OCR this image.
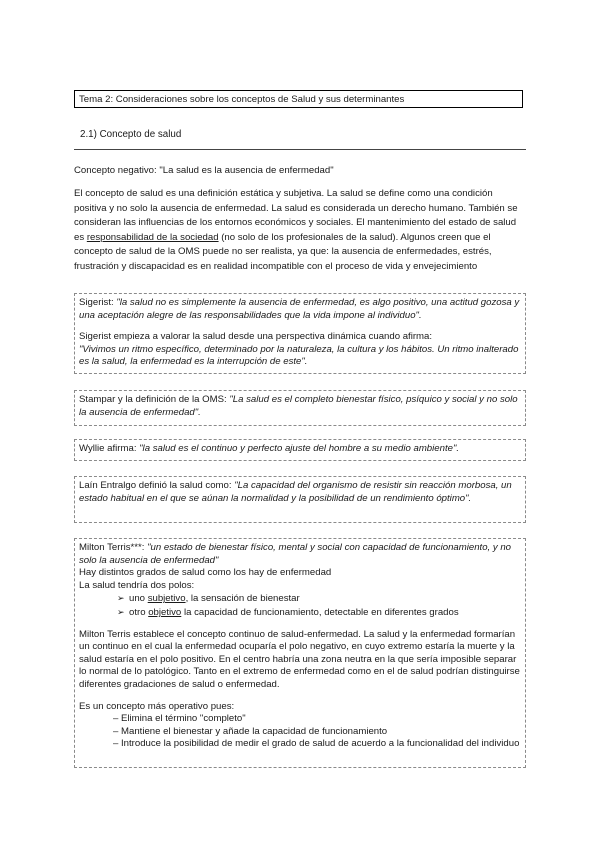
Tema 2: Consideraciones sobre los conceptos de Salud y sus determinantes
2.1) Concepto de salud
Concepto negativo: "La salud es la ausencia de enfermedad"

El concepto de salud es una definición estática y subjetiva. La salud se define como una condición positiva y no solo la ausencia de enfermedad. La salud es considerada un derecho humano. También se consideran las influencias de los entornos económicos y sociales. El mantenimiento del estado de salud es responsabilidad de la sociedad (no solo de los profesionales de la salud). Algunos creen que el concepto de salud de la OMS puede no ser realista, ya que: la ausencia de enfermedades, estrés, frustración y discapacidad es en realidad incompatible con el proceso de vida y envejecimiento

Sigerist: "la salud no es simplemente la ausencia de enfermedad, es algo positivo, una actitud gozosa y una aceptación alegre de las responsabilidades que la vida impone al individuo".

Sigerist empieza a valorar la salud desde una perspectiva dinámica cuando afirma:

"Vivimos un ritmo específico, determinado por la naturaleza, la cultura y los hábitos. Un ritmo inalterado es la salud, la enfermedad es la interrupción de este".

Stampar y la definición de la OMS: "La salud es el completo bienestar físico, psíquico y social y no solo la ausencia de enfermedad".

Wyllie afirma: "la salud es el continuo y perfecto ajuste del hombre a su medio ambiente".

Laín Entralgo definió la salud como: "La capacidad del organismo de resistir sin reacción morbosa, un estado habitual en el que se aúnan la normalidad y la posibilidad de un rendimiento óptimo".

Milton Terris***: "un estado de bienestar físico, mental y social con capacidad de funcionamiento, y no solo la ausencia de enfermedad"

Hay distintos grados de salud como los hay de enfermedad

La salud tendría dos polos:

➢ uno subjetivo, la sensación de bienestar
➢ otro objetivo la capacidad de funcionamiento, detectable en diferentes grados

Milton Terris establece el concepto continuo de salud-enfermedad. La salud y la enfermedad formarían un continuo en el cual la enfermedad ocuparía el polo negativo, en cuyo extremo estaría la muerte y la salud estaría en el polo positivo. En el centro habría una zona neutra en la que sería imposible separar lo normal de lo patológico. Tanto en el extremo de enfermedad como en el de salud podrían distinguirse diferentes gradaciones de salud o enfermedad.

Es un concepto más operativo pues:

– Elimina el término "completo"
– Mantiene el bienestar y añade la capacidad de funcionamiento
– Introduce la posibilidad de medir el grado de salud de acuerdo a la funcionalidad del individuo
